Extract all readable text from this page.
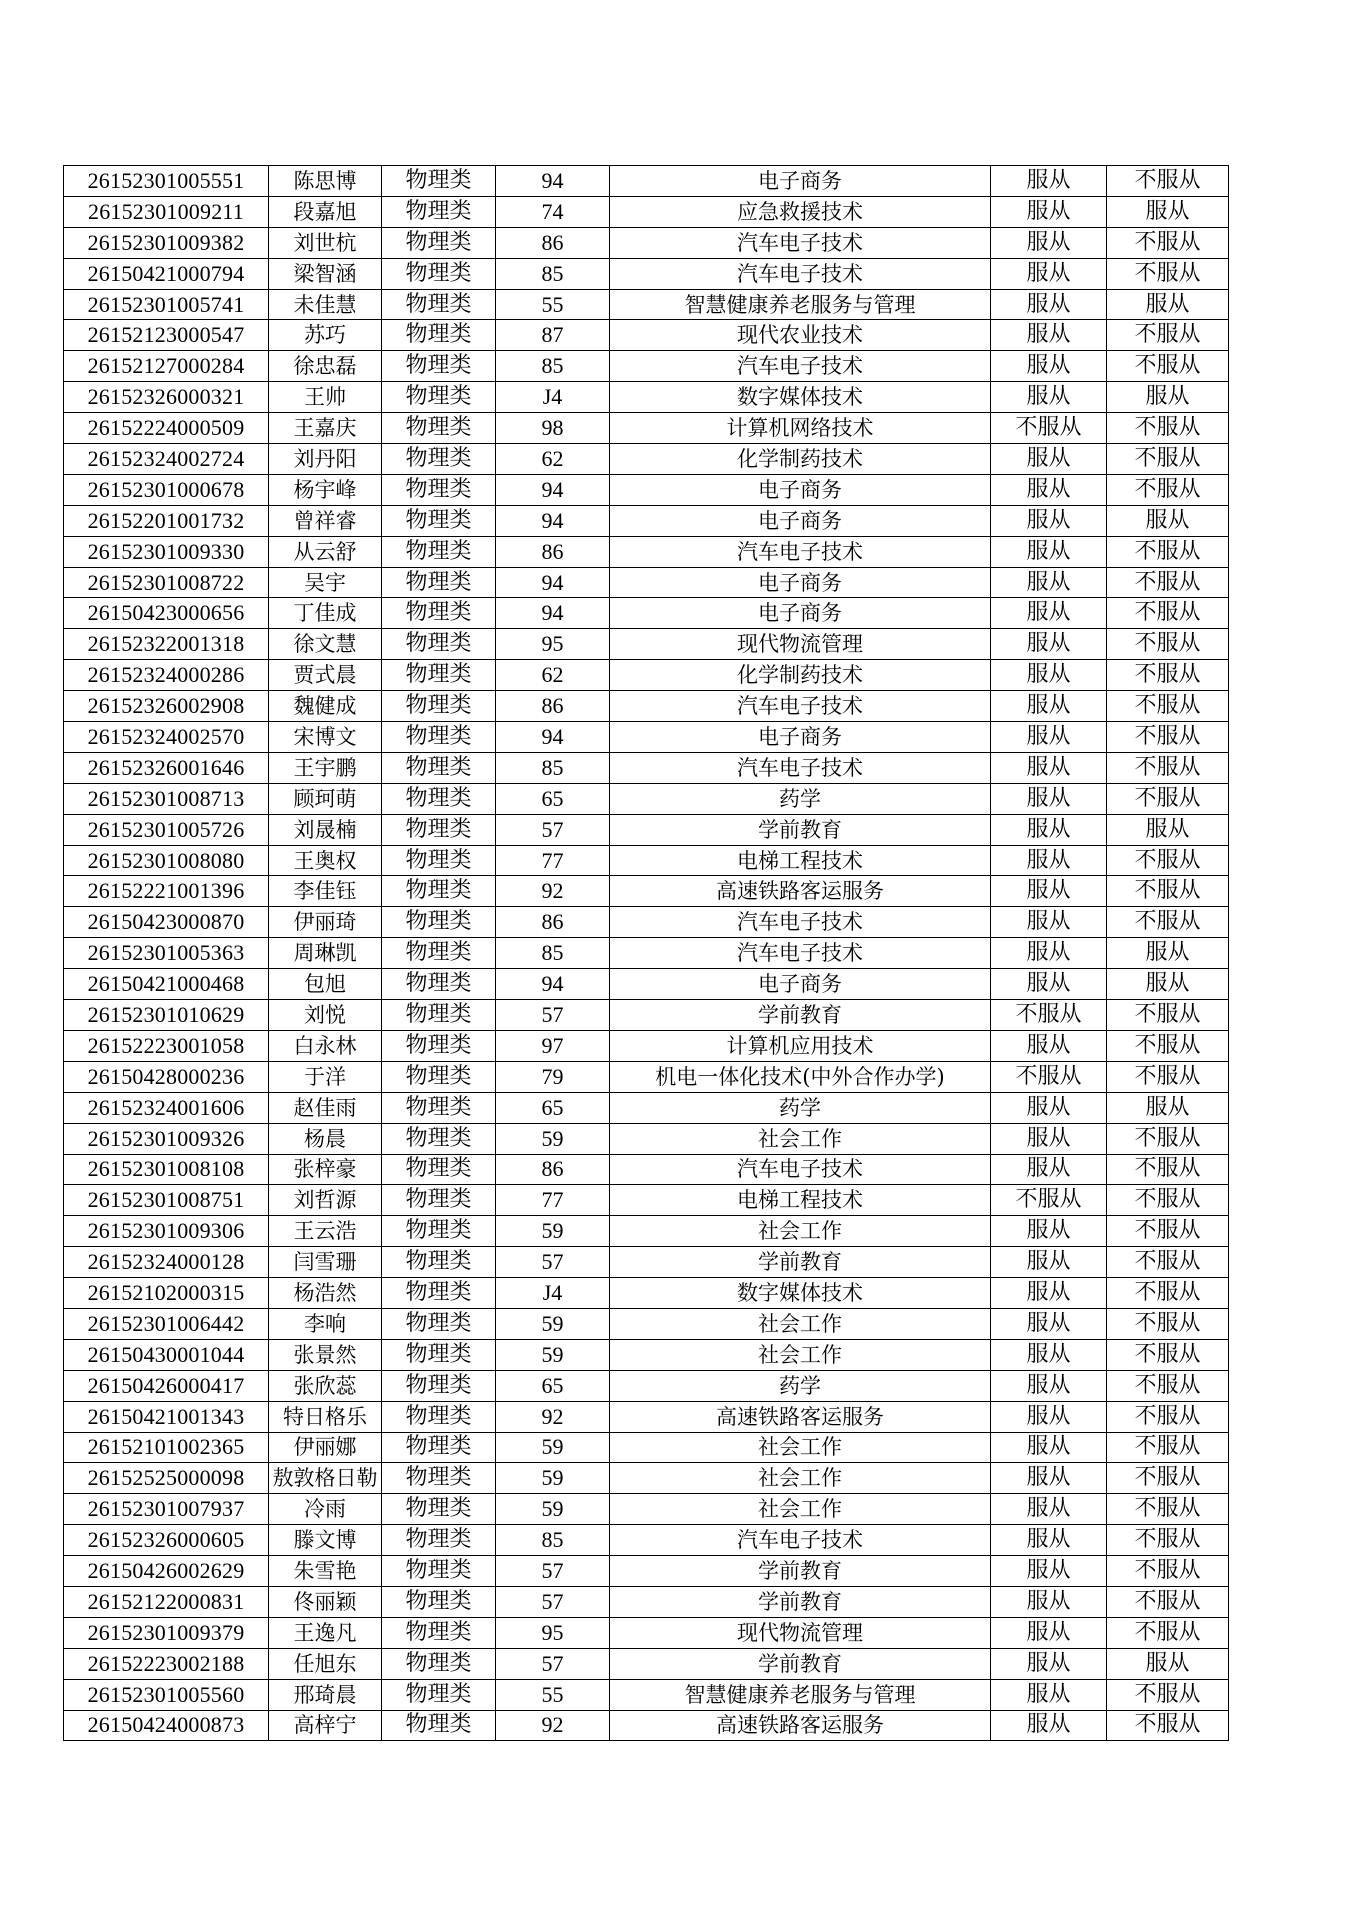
26152301005551	陈思博	物理类	94	电子商务	服从	不服从
26152301009211	段嘉旭	物理类	74	应急救援技术	服从	服从
26152301009382	刘世杭	物理类	86	汽车电子技术	服从	不服从
26150421000794	梁智涵	物理类	85	汽车电子技术	服从	不服从
26152301005741	未佳慧	物理类	55	智慧健康养老服务与管理	服从	服从
26152123000547	苏巧	物理类	87	现代农业技术	服从	不服从
26152127000284	徐忠磊	物理类	85	汽车电子技术	服从	不服从
26152326000321	王帅	物理类	J4	数字媒体技术	服从	服从
26152224000509	王嘉庆	物理类	98	计算机网络技术	不服从	不服从
26152324002724	刘丹阳	物理类	62	化学制药技术	服从	不服从
26152301000678	杨宇峰	物理类	94	电子商务	服从	不服从
26152201001732	曾祥睿	物理类	94	电子商务	服从	服从
26152301009330	从云舒	物理类	86	汽车电子技术	服从	不服从
26152301008722	吴宇	物理类	94	电子商务	服从	不服从
26150423000656	丁佳成	物理类	94	电子商务	服从	不服从
26152322001318	徐文慧	物理类	95	现代物流管理	服从	不服从
26152324000286	贾式晨	物理类	62	化学制药技术	服从	不服从
26152326002908	魏健成	物理类	86	汽车电子技术	服从	不服从
26152324002570	宋博文	物理类	94	电子商务	服从	不服从
26152326001646	王宇鹏	物理类	85	汽车电子技术	服从	不服从
26152301008713	顾珂萌	物理类	65	药学	服从	不服从
26152301005726	刘晟楠	物理类	57	学前教育	服从	服从
26152301008080	王奥权	物理类	77	电梯工程技术	服从	不服从
26152221001396	李佳钰	物理类	92	高速铁路客运服务	服从	不服从
26150423000870	伊丽琦	物理类	86	汽车电子技术	服从	不服从
26152301005363	周琳凯	物理类	85	汽车电子技术	服从	服从
26150421000468	包旭	物理类	94	电子商务	服从	服从
26152301010629	刘悦	物理类	57	学前教育	不服从	不服从
26152223001058	白永林	物理类	97	计算机应用技术	服从	不服从
26150428000236	于洋	物理类	79	机电一体化技术(中外合作办学)	不服从	不服从
26152324001606	赵佳雨	物理类	65	药学	服从	服从
26152301009326	杨晨	物理类	59	社会工作	服从	不服从
26152301008108	张梓豪	物理类	86	汽车电子技术	服从	不服从
26152301008751	刘哲源	物理类	77	电梯工程技术	不服从	不服从
26152301009306	王云浩	物理类	59	社会工作	服从	不服从
26152324000128	闫雪珊	物理类	57	学前教育	服从	不服从
26152102000315	杨浩然	物理类	J4	数字媒体技术	服从	不服从
26152301006442	李响	物理类	59	社会工作	服从	不服从
26150430001044	张景然	物理类	59	社会工作	服从	不服从
26150426000417	张欣蕊	物理类	65	药学	服从	不服从
26150421001343	特日格乐	物理类	92	高速铁路客运服务	服从	不服从
26152101002365	伊丽娜	物理类	59	社会工作	服从	不服从
26152525000098	敖敦格日勒	物理类	59	社会工作	服从	不服从
26152301007937	冷雨	物理类	59	社会工作	服从	不服从
26152326000605	滕文博	物理类	85	汽车电子技术	服从	不服从
26150426002629	朱雪艳	物理类	57	学前教育	服从	不服从
26152122000831	佟丽颖	物理类	57	学前教育	服从	不服从
26152301009379	王逸凡	物理类	95	现代物流管理	服从	不服从
26152223002188	任旭东	物理类	57	学前教育	服从	服从
26152301005560	邢琦晨	物理类	55	智慧健康养老服务与管理	服从	不服从
26150424000873	高梓宁	物理类	92	高速铁路客运服务	服从	不服从
